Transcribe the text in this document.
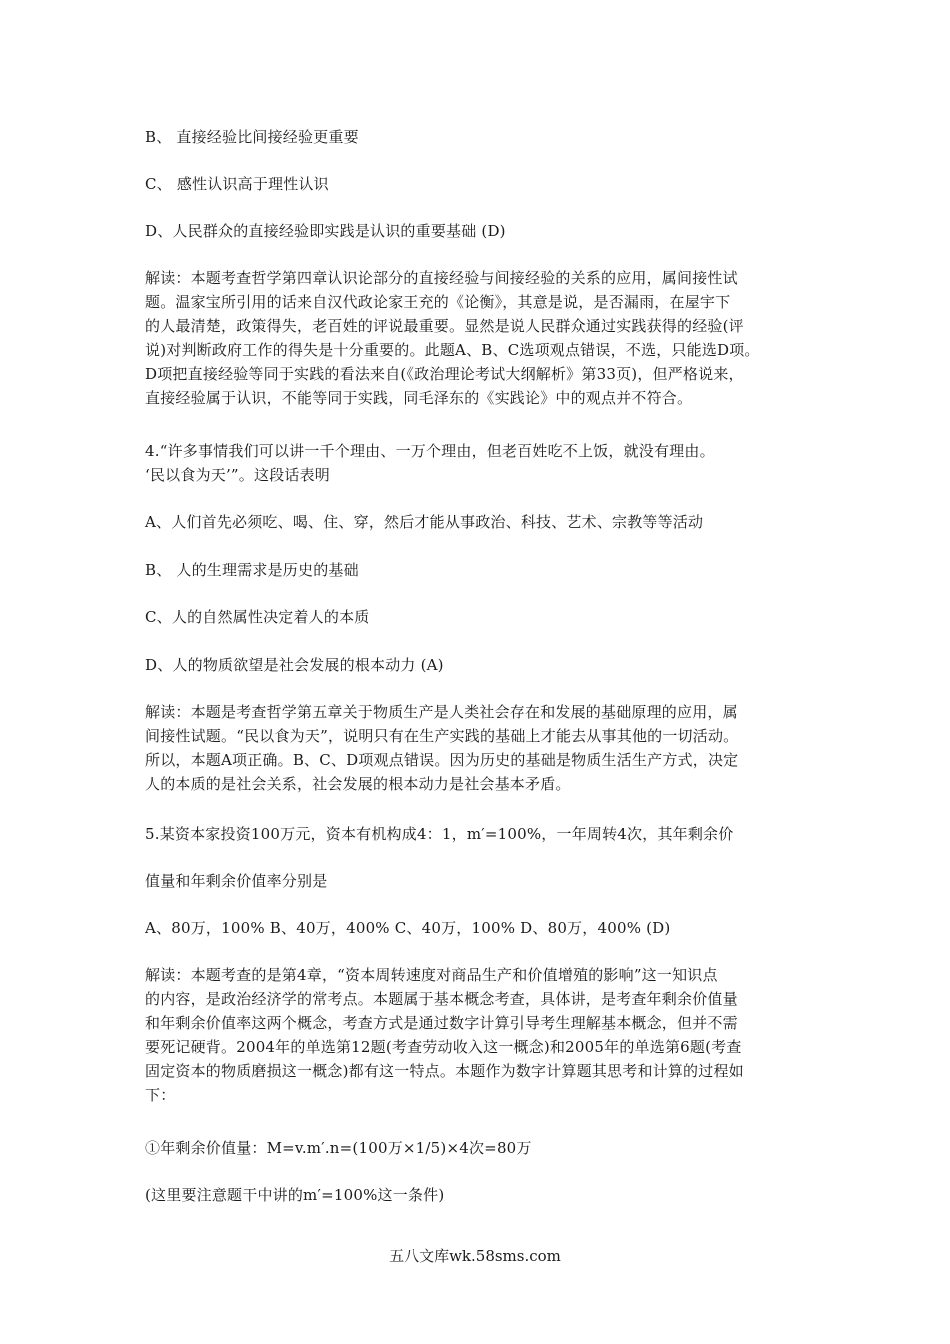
B、 直接经验比间接经验更重要
C、 感性认识高于理性认识
D、人民群众的直接经验即实践是认识的重要基础 (D)
解读：本题考查哲学第四章认识论部分的直接经验与间接经验的关系的应用，属间接性试
题。温家宝所引用的话来自汉代政论家王充的《论衡》，其意是说，是否漏雨，在屋宇下
的人最清楚，政策得失，老百姓的评说最重要。显然是说人民群众通过实践获得的经验(评
说)对判断政府工作的得失是十分重要的。此题A、B、C选项观点错误，不选，只能选D项。
D项把直接经验等同于实践的看法来自(《政治理论考试大纲解析》第33页)，但严格说来，
直接经验属于认识，不能等同于实践，同毛泽东的《实践论》中的观点并不符合。
4.“许多事情我们可以讲一千个理由、一万个理由，但老百姓吃不上饭，就没有理由。
‘民以食为天’”。这段话表明
A、人们首先必须吃、喝、住、穿，然后才能从事政治、科技、艺术、宗教等等活动
B、 人的生理需求是历史的基础
C、人的自然属性决定着人的本质
D、人的物质欲望是社会发展的根本动力 (A)
解读：本题是考查哲学第五章关于物质生产是人类社会存在和发展的基础原理的应用，属
间接性试题。“民以食为天”，说明只有在生产实践的基础上才能去从事其他的一切活动。
所以，本题A项正确。B、C、D项观点错误。因为历史的基础是物质生活生产方式，决定
人的本质的是社会关系，社会发展的根本动力是社会基本矛盾。
5.某资本家投资100万元，资本有机构成4：1，m′=100%，一年周转4次，其年剩余价
值量和年剩余价值率分别是
A、80万，100% B、40万，400% C、40万，100% D、80万，400% (D)
解读：本题考查的是第4章，“资本周转速度对商品生产和价值增殖的影响”这一知识点
的内容，是政治经济学的常考点。本题属于基本概念考查，具体讲，是考查年剩余价值量
和年剩余价值率这两个概念，考查方式是通过数字计算引导考生理解基本概念，但并不需
要死记硬背。2004年的单选第12题(考查劳动收入这一概念)和2005年的单选第6题(考查
固定资本的物质磨损这一概念)都有这一特点。本题作为数字计算题其思考和计算的过程如
下：
①年剩余价值量：M=v.m′.n=(100万×1/5)×4次=80万
(这里要注意题干中讲的m′=100%这一条件)
五八文库wk.58sms.com
